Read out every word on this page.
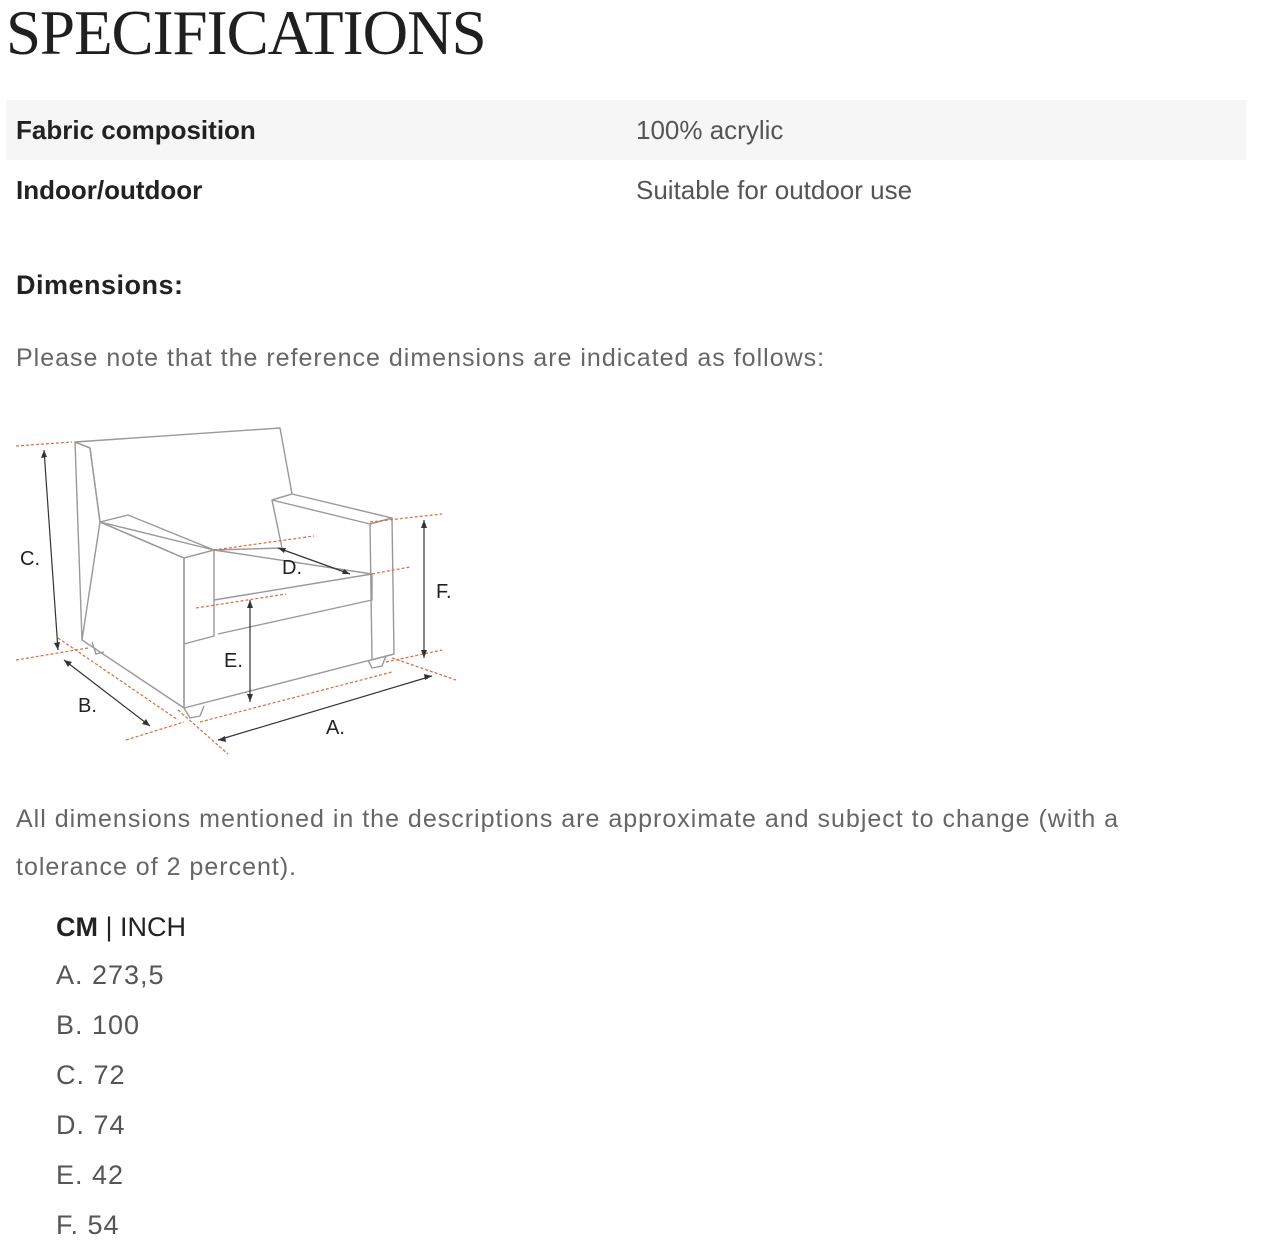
SPECIFICATIONS
Fabric composition	100% acrylic
Indoor/outdoor	Suitable for outdoor use
Dimensions:

Please note that the reference dimensions are indicated as follows:

C.
B.
A.
D.
E.
F.

All dimensions mentioned in the descriptions are approximate and subject to change (with a tolerance of 2 percent).

CM | INCH
A. 273,5
B. 100
C. 72
D. 74
E. 42
F. 54
